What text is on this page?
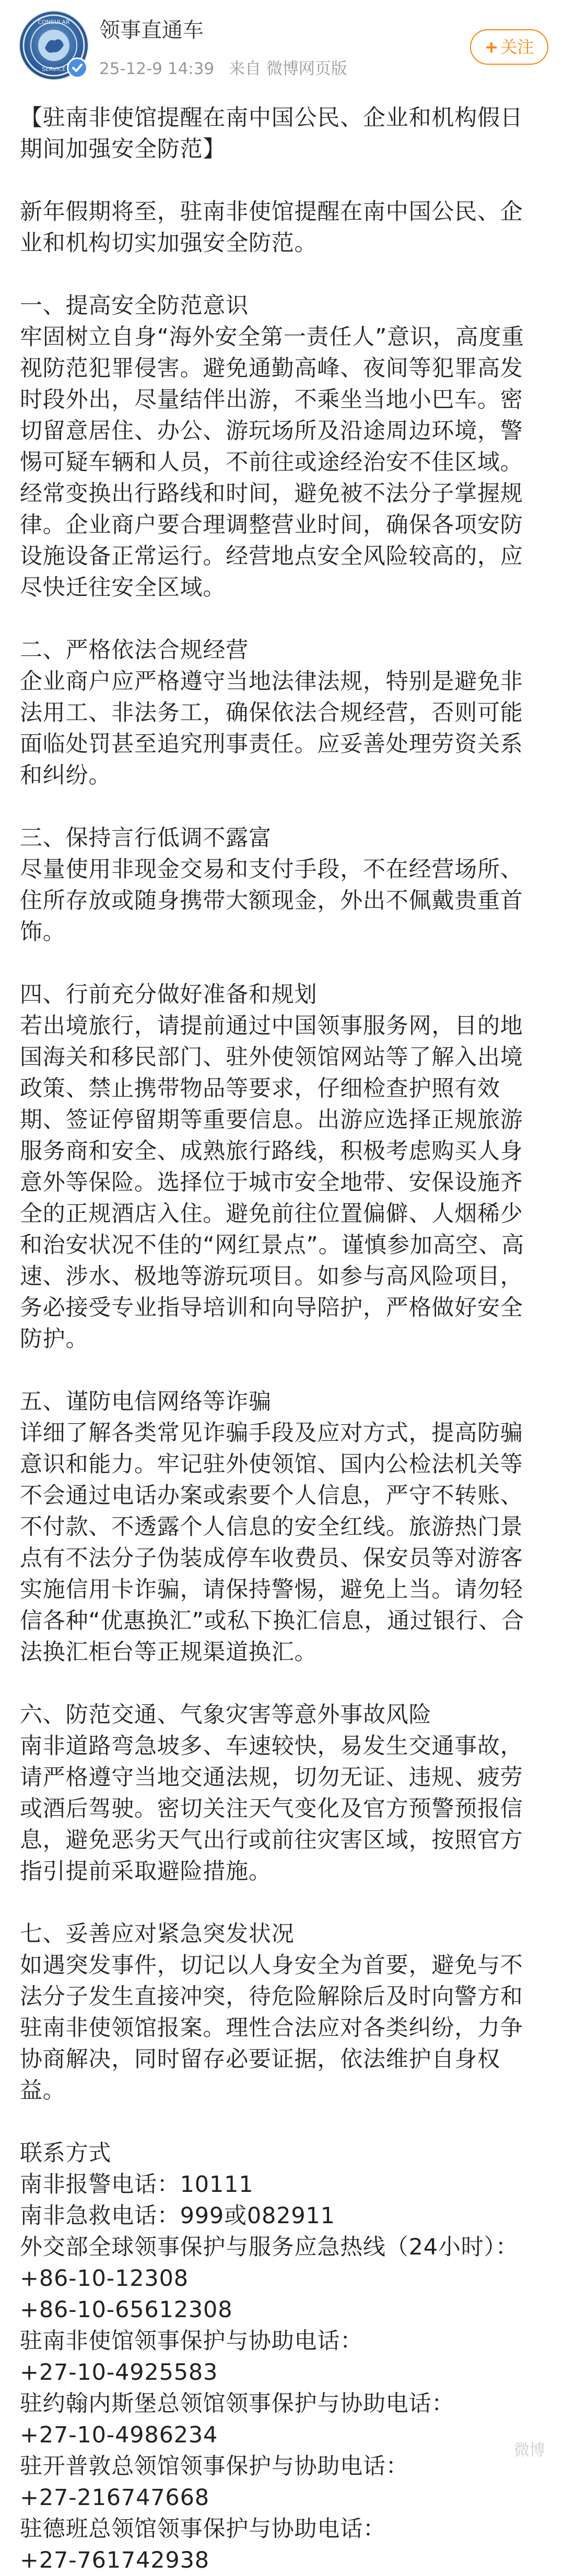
CONSULAR
SERVICE
领事直通车
25-12-9 14:39 来自 微博网页版
+ 关注

【驻南非使馆提醒在南中国公民、企业和机构假日期间加强安全防范】

新年假期将至，驻南非使馆提醒在南中国公民、企业和机构切实加强安全防范。

一、提高安全防范意识

牢固树立自身“海外安全第一责任人”意识，高度重视防范犯罪侵害。避免通勤高峰、夜间等犯罪高发时段外出，尽量结伴出游，不乘坐当地小巴车。密切留意居住、办公、游玩场所及沿途周边环境，警惕可疑车辆和人员，不前往或途经治安不佳区域。经常变换出行路线和时间，避免被不法分子掌握规律。企业商户要合理调整营业时间，确保各项安防设施设备正常运行。经营地点安全风险较高的，应尽快迁往安全区域。

二、严格依法合规经营

企业商户应严格遵守当地法律法规，特别是避免非法用工、非法务工，确保依法合规经营，否则可能面临处罚甚至追究刑事责任。应妥善处理劳资关系和纠纷。

三、保持言行低调不露富

尽量使用非现金交易和支付手段，不在经营场所、住所存放或随身携带大额现金，外出不佩戴贵重首饰。

四、行前充分做好准备和规划

若出境旅行，请提前通过中国领事服务网，目的地国海关和移民部门、驻外使领馆网站等了解入出境政策、禁止携带物品等要求，仔细检查护照有效期、签证停留期等重要信息。出游应选择正规旅游服务商和安全、成熟旅行路线，积极考虑购买人身意外等保险。选择位于城市安全地带、安保设施齐全的正规酒店入住。避免前往位置偏僻、人烟稀少和治安状况不佳的“网红景点”。谨慎参加高空、高速、涉水、极地等游玩项目。如参与高风险项目，务必接受专业指导培训和向导陪护，严格做好安全防护。

五、谨防电信网络等诈骗

详细了解各类常见诈骗手段及应对方式，提高防骗意识和能力。牢记驻外使领馆、国内公检法机关等不会通过电话办案或索要个人信息，严守不转账、不付款、不透露个人信息的安全红线。旅游热门景点有不法分子伪装成停车收费员、保安员等对游客实施信用卡诈骗，请保持警惕，避免上当。请勿轻信各种“优惠换汇”或私下换汇信息，通过银行、合法换汇柜台等正规渠道换汇。

六、防范交通、气象灾害等意外事故风险

南非道路弯急坡多、车速较快，易发生交通事故，请严格遵守当地交通法规，切勿无证、违规、疲劳或酒后驾驶。密切关注天气变化及官方预警预报信息，避免恶劣天气出行或前往灾害区域，按照官方指引提前采取避险措施。

七、妥善应对紧急突发状况

如遇突发事件，切记以人身安全为首要，避免与不法分子发生直接冲突，待危险解除后及时向警方和驻南非使领馆报案。理性合法应对各类纠纷，力争协商解决，同时留存必要证据，依法维护自身权益。

联系方式

南非报警电话：10111

南非急救电话：999或082911

外交部全球领事保护与服务应急热线（24小时）：

+86-10-12308

+86-10-65612308

驻南非使馆领事保护与协助电话：

+27-10-4925583

驻约翰内斯堡总领馆领事保护与协助电话：

+27-10-4986234

驻开普敦总领馆领事保护与协助电话：

+27-216747668

驻德班总领馆领事保护与协助电话：

+27-761742938

微博
